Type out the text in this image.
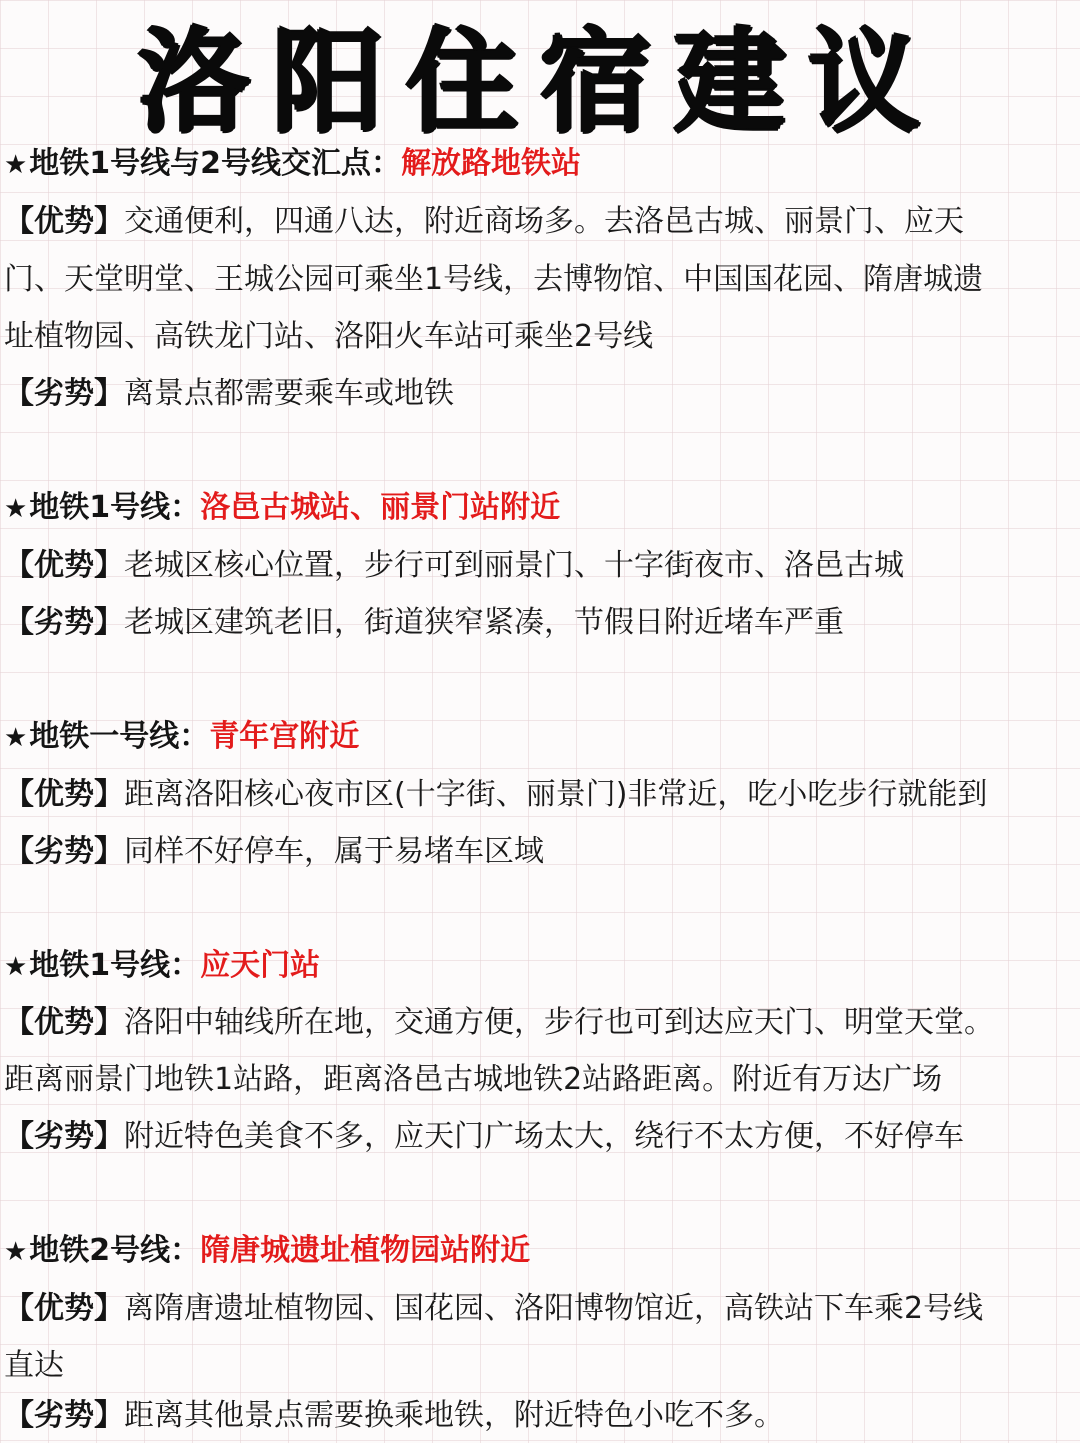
洛阳住宿建议
★地铁1号线与2号线交汇点：解放路地铁站
【优势】交通便利，四通八达，附近商场多。去洛邑古城、丽景门、应天
门、天堂明堂、王城公园可乘坐1号线，去博物馆、中国国花园、隋唐城遗
址植物园、高铁龙门站、洛阳火车站可乘坐2号线
【劣势】离景点都需要乘车或地铁
★地铁1号线：洛邑古城站、丽景门站附近
【优势】老城区核心位置，步行可到丽景门、十字街夜市、洛邑古城
【劣势】老城区建筑老旧，街道狭窄紧凑，节假日附近堵车严重
★地铁一号线：青年宫附近
【优势】距离洛阳核心夜市区(十字街、丽景门)非常近，吃小吃步行就能到
【劣势】同样不好停车，属于易堵车区域
★地铁1号线：应天门站
【优势】洛阳中轴线所在地，交通方便，步行也可到达应天门、明堂天堂。
距离丽景门地铁1站路，距离洛邑古城地铁2站路距离。附近有万达广场
【劣势】附近特色美食不多，应天门广场太大，绕行不太方便，不好停车
★地铁2号线：隋唐城遗址植物园站附近
【优势】离隋唐遗址植物园、国花园、洛阳博物馆近，高铁站下车乘2号线
直达
【劣势】距离其他景点需要换乘地铁，附近特色小吃不多。
